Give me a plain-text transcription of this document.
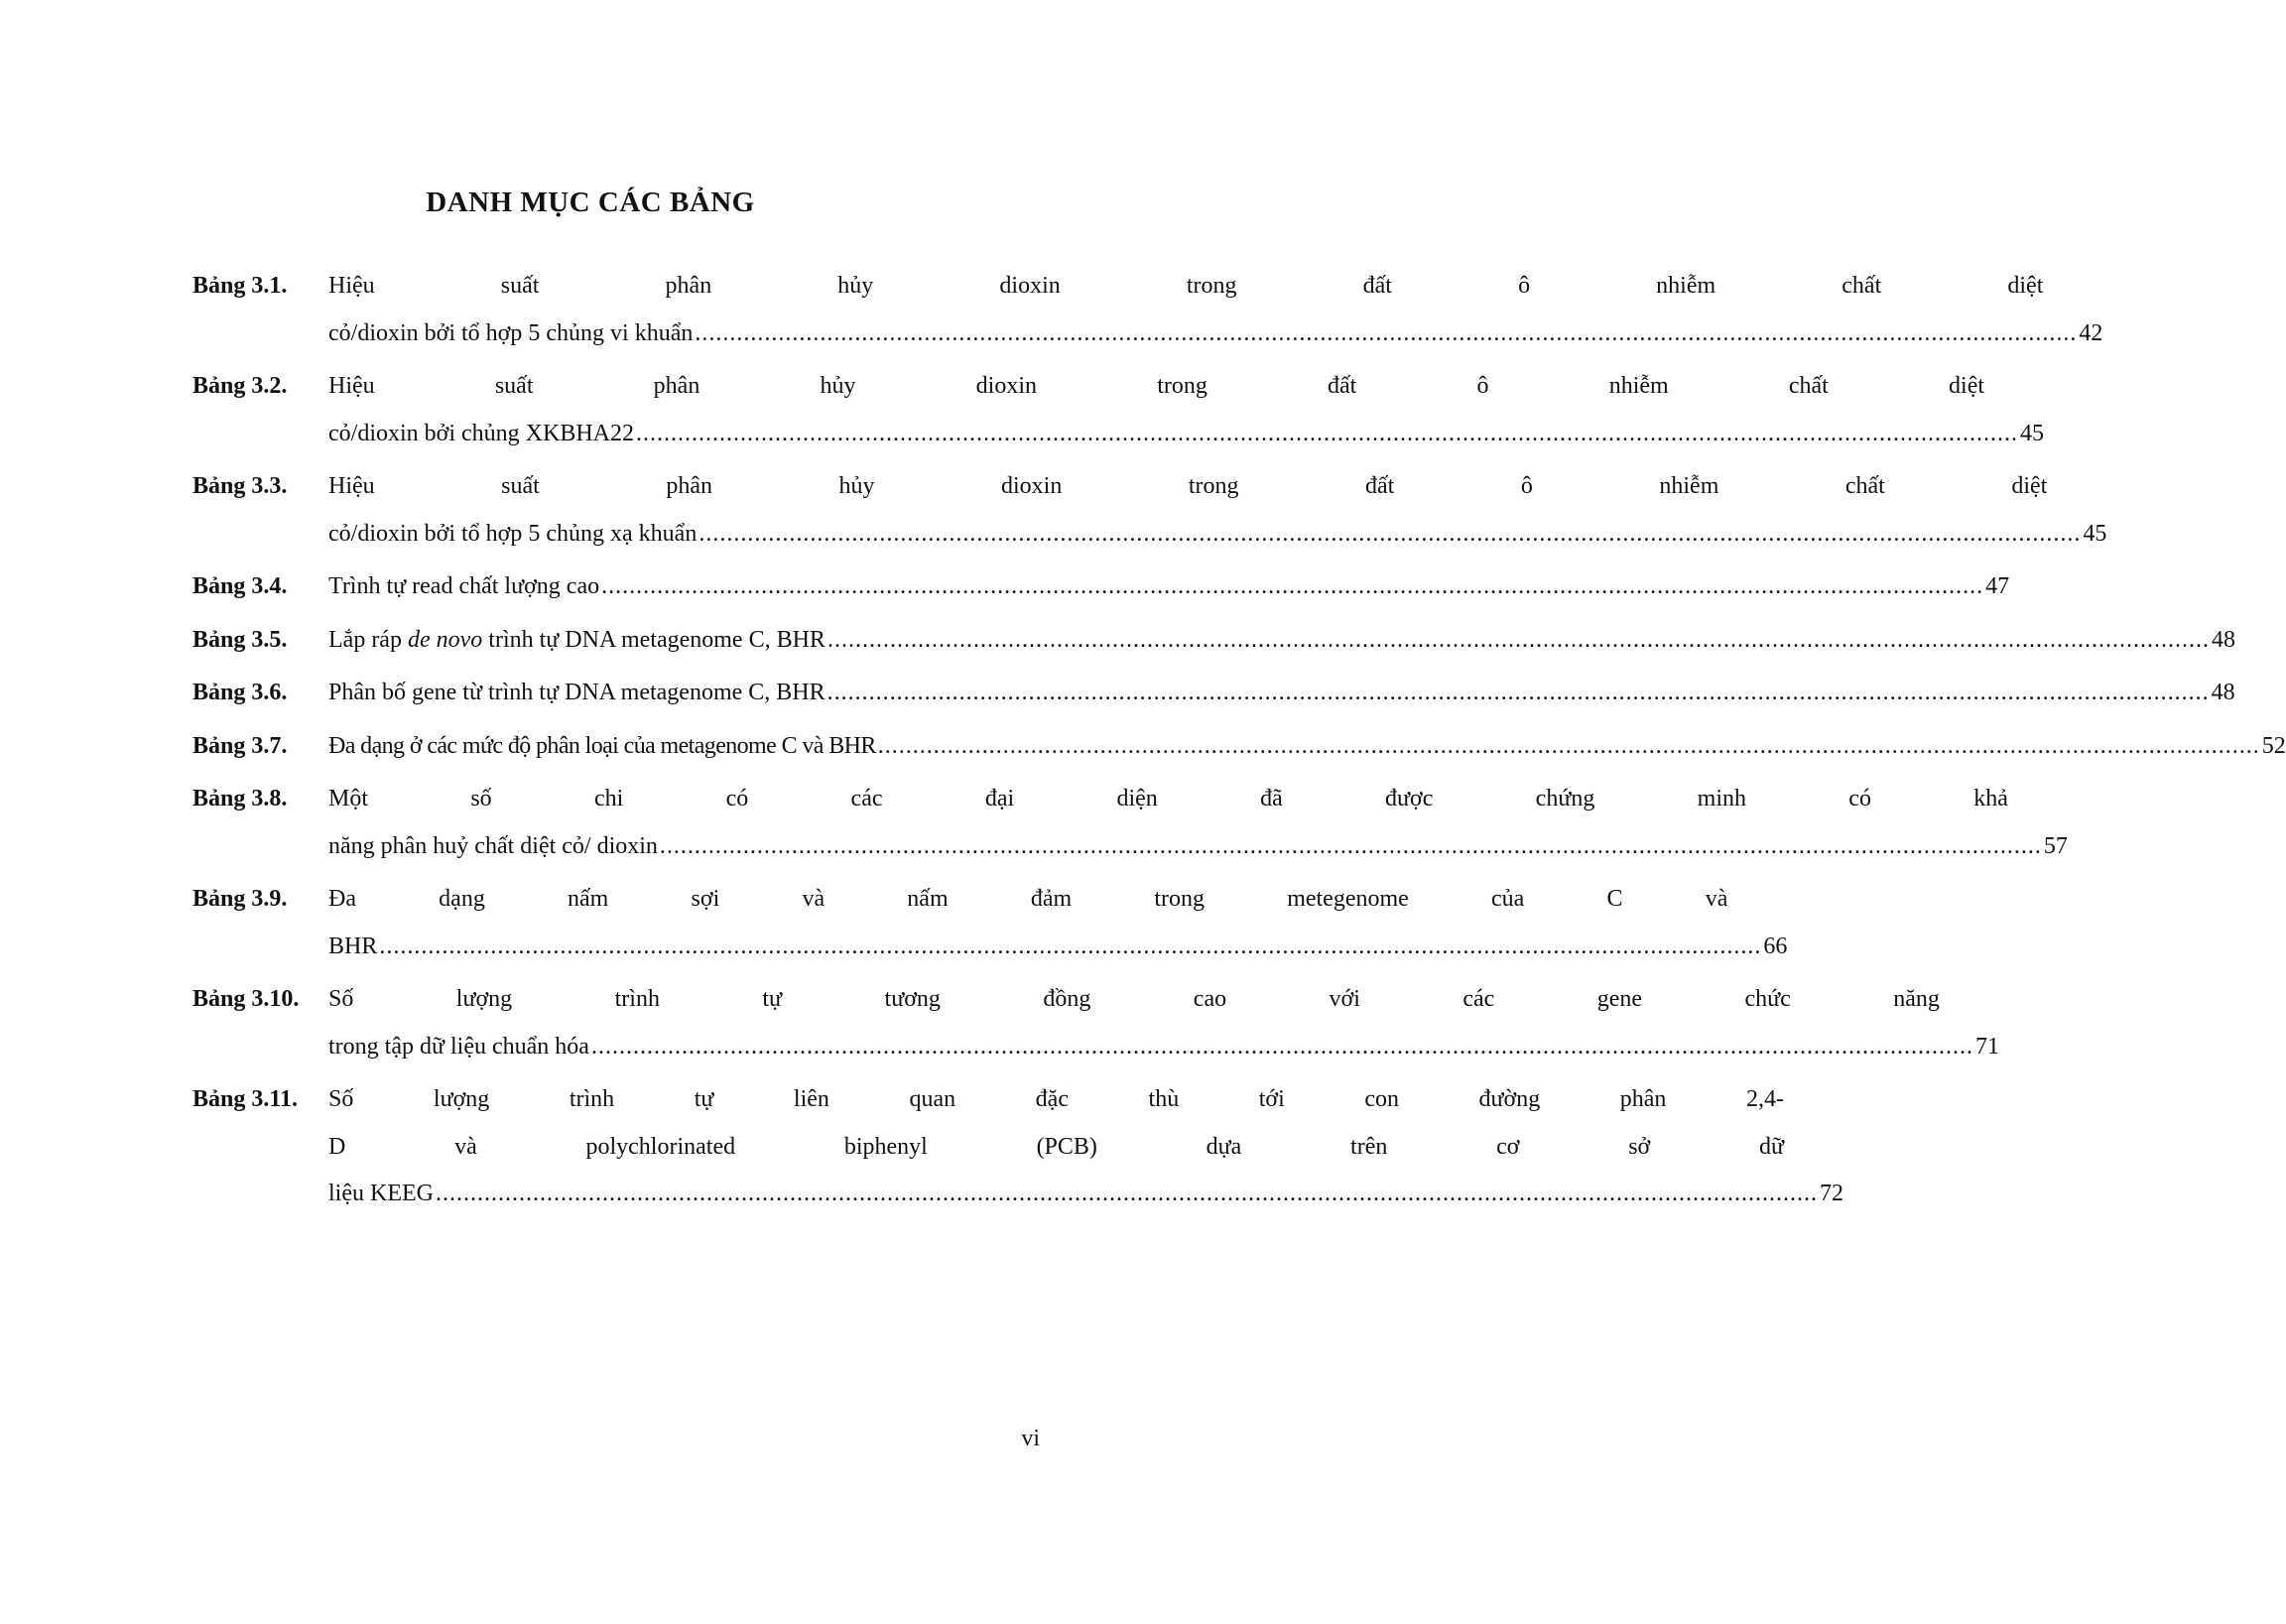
DANH MỤC CÁC BẢNG
Bảng 3.1.	Hiệu suất phân hủy dioxin trong đất ô nhiễm chất diệt
cỏ/dioxin bởi tổ hợp 5 chủng vi khuẩn .....	42
Bảng 3.2.	Hiệu suất phân hủy dioxin trong đất ô nhiễm chất diệt
cỏ/dioxin bởi chủng XKBHA22 .....	45
Bảng 3.3.	Hiệu suất phân hủy dioxin trong đất ô nhiễm chất diệt
cỏ/dioxin bởi tổ hợp 5 chủng xạ khuẩn .....	45
Bảng 3.4.	Trình tự read chất lượng cao .....	47
Bảng 3.5.	Lắp ráp de novo trình tự DNA metagenome C, BHR .....	48
Bảng 3.6.	Phân bố gene từ trình tự DNA metagenome C, BHR .....	48
Bảng 3.7.	Đa dạng ở các mức độ phân loại của metagenome C và BHR .....	52
Bảng 3.8.	Một số chi có các đại diện đã được chứng minh có khả
năng phân huỷ chất diệt cỏ/ dioxin .....	57
Bảng 3.9.	Đa dạng nấm sợi và nấm đảm trong metegenome của C và
BHR .....	66
Bảng 3.10.	Số lượng trình tự tương đồng cao với các gene chức năng
trong tập dữ liệu chuẩn hóa .....	71
Bảng 3.11.	Số lượng trình tự liên quan đặc thù tới con đường phân 2,4-
D và polychlorinated biphenyl (PCB) dựa trên cơ sở dữ
liệu KEEG .....	72
vi
